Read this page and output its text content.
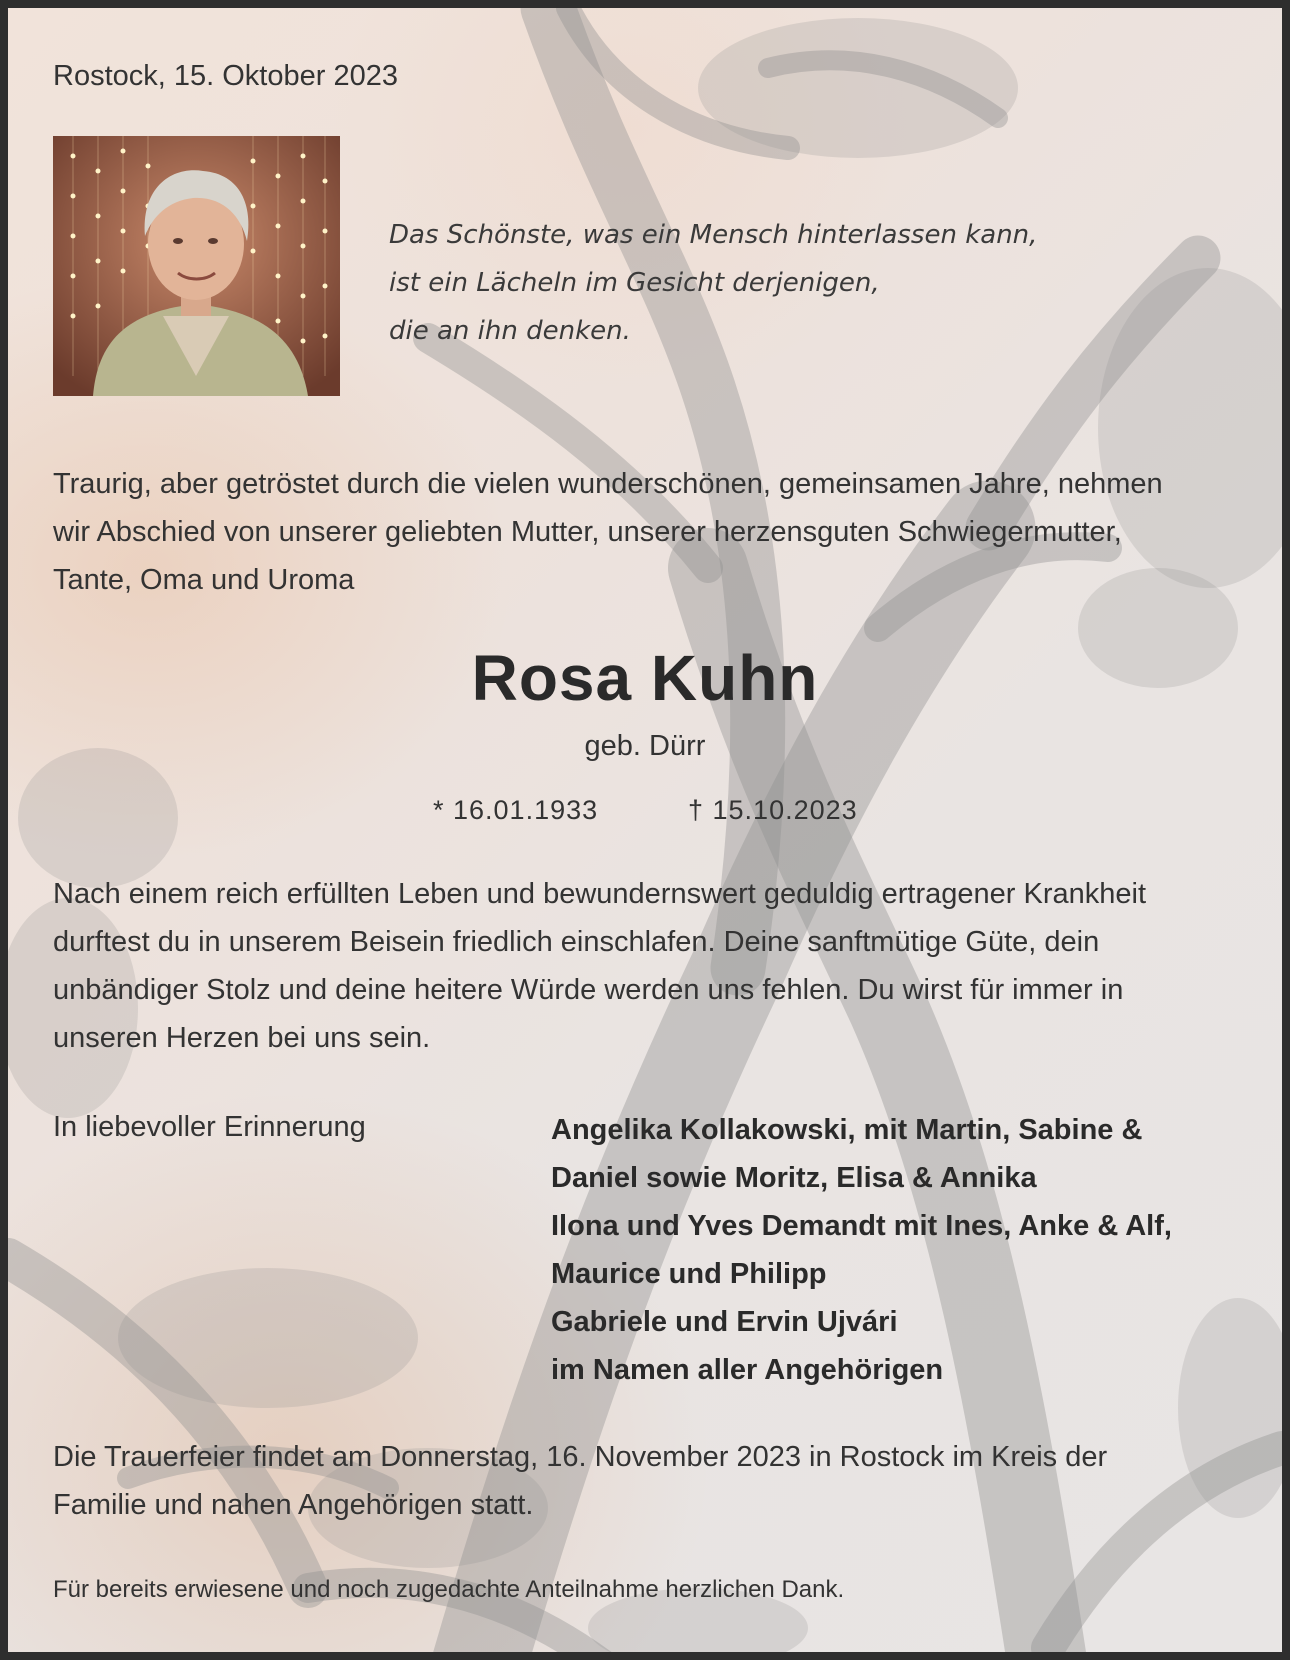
Rostock, 15. Oktober 2023

Das Schönste, was ein Mensch hinterlassen kann,
ist ein Lächeln im Gesicht derjenigen,
die an ihn denken.
Traurig, aber getröstet durch die vielen wunderschönen, gemeinsamen Jahre, nehmen
wir Abschied von unserer geliebten Mutter, unserer herzensguten Schwiegermutter,
Tante, Oma und Uroma
Rosa Kuhn
geb. Dürr
* 16.01.1933	† 15.10.2023
Nach einem reich erfüllten Leben und bewundernswert geduldig ertragener Krankheit
durftest du in unserem Beisein friedlich einschlafen. Deine sanftmütige Güte, dein
unbändiger Stolz und deine heitere Würde werden uns fehlen. Du wirst für immer in
unseren Herzen bei uns sein.
In liebevoller Erinnerung	Angelika Kollakowski, mit Martin, Sabine &
Daniel sowie Moritz, Elisa & Annika
Ilona und Yves Demandt mit Ines, Anke & Alf,
Maurice und Philipp
Gabriele und Ervin Ujvári
im Namen aller Angehörigen
Die Trauerfeier findet am Donnerstag, 16. November 2023 in Rostock im Kreis der
Familie und nahen Angehörigen statt.
Für bereits erwiesene und noch zugedachte Anteilnahme herzlichen Dank.
